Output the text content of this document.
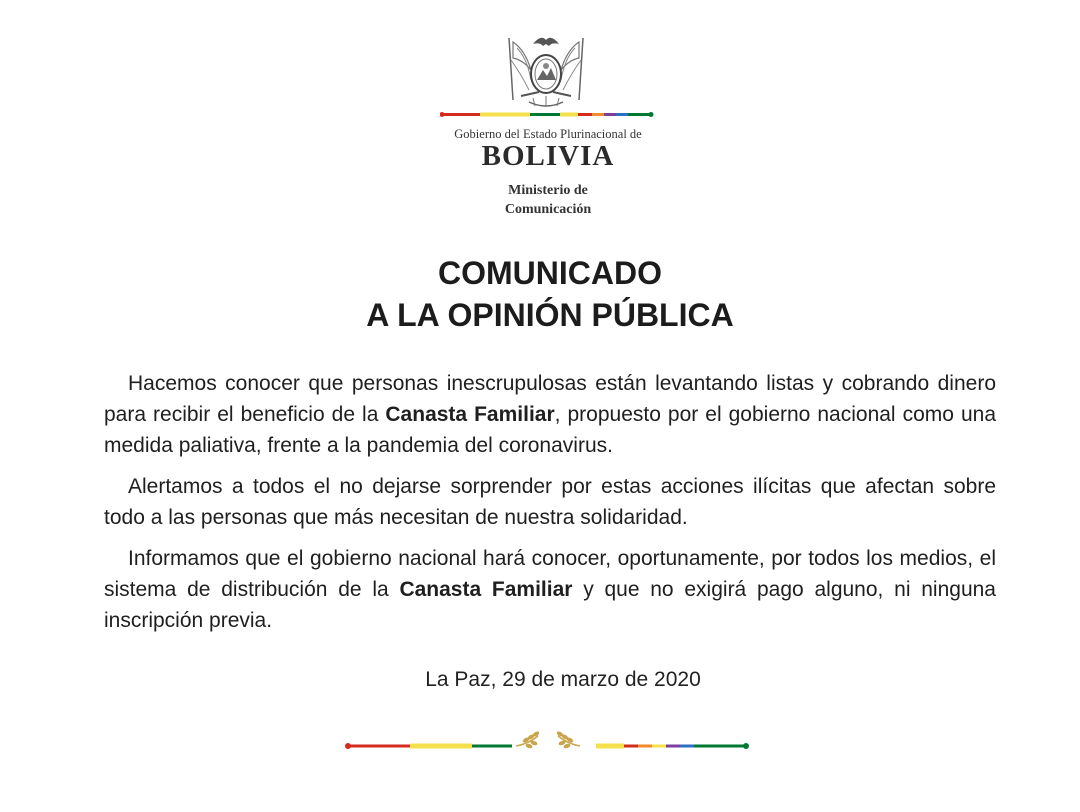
Gobierno del Estado Plurinacional de
BOLIVIA
Ministerio de
Comunicación
COMUNICADO
A LA OPINIÓN PÚBLICA

Hacemos conocer que personas inescrupulosas están levantando listas y cobrando dinero para recibir el beneficio de la Canasta Familiar, propuesto por el gobierno nacional como una medida paliativa, frente a la pandemia del coronavirus.

Alertamos a todos el no dejarse sorprender por estas acciones ilícitas que afectan sobre todo a las personas que más necesitan de nuestra solidaridad.

Informamos que el gobierno nacional hará conocer, oportunamente, por todos los medios, el sistema de distribución de la Canasta Familiar y que no exigirá pago alguno, ni ninguna inscripción previa.

La Paz, 29 de marzo de 2020
